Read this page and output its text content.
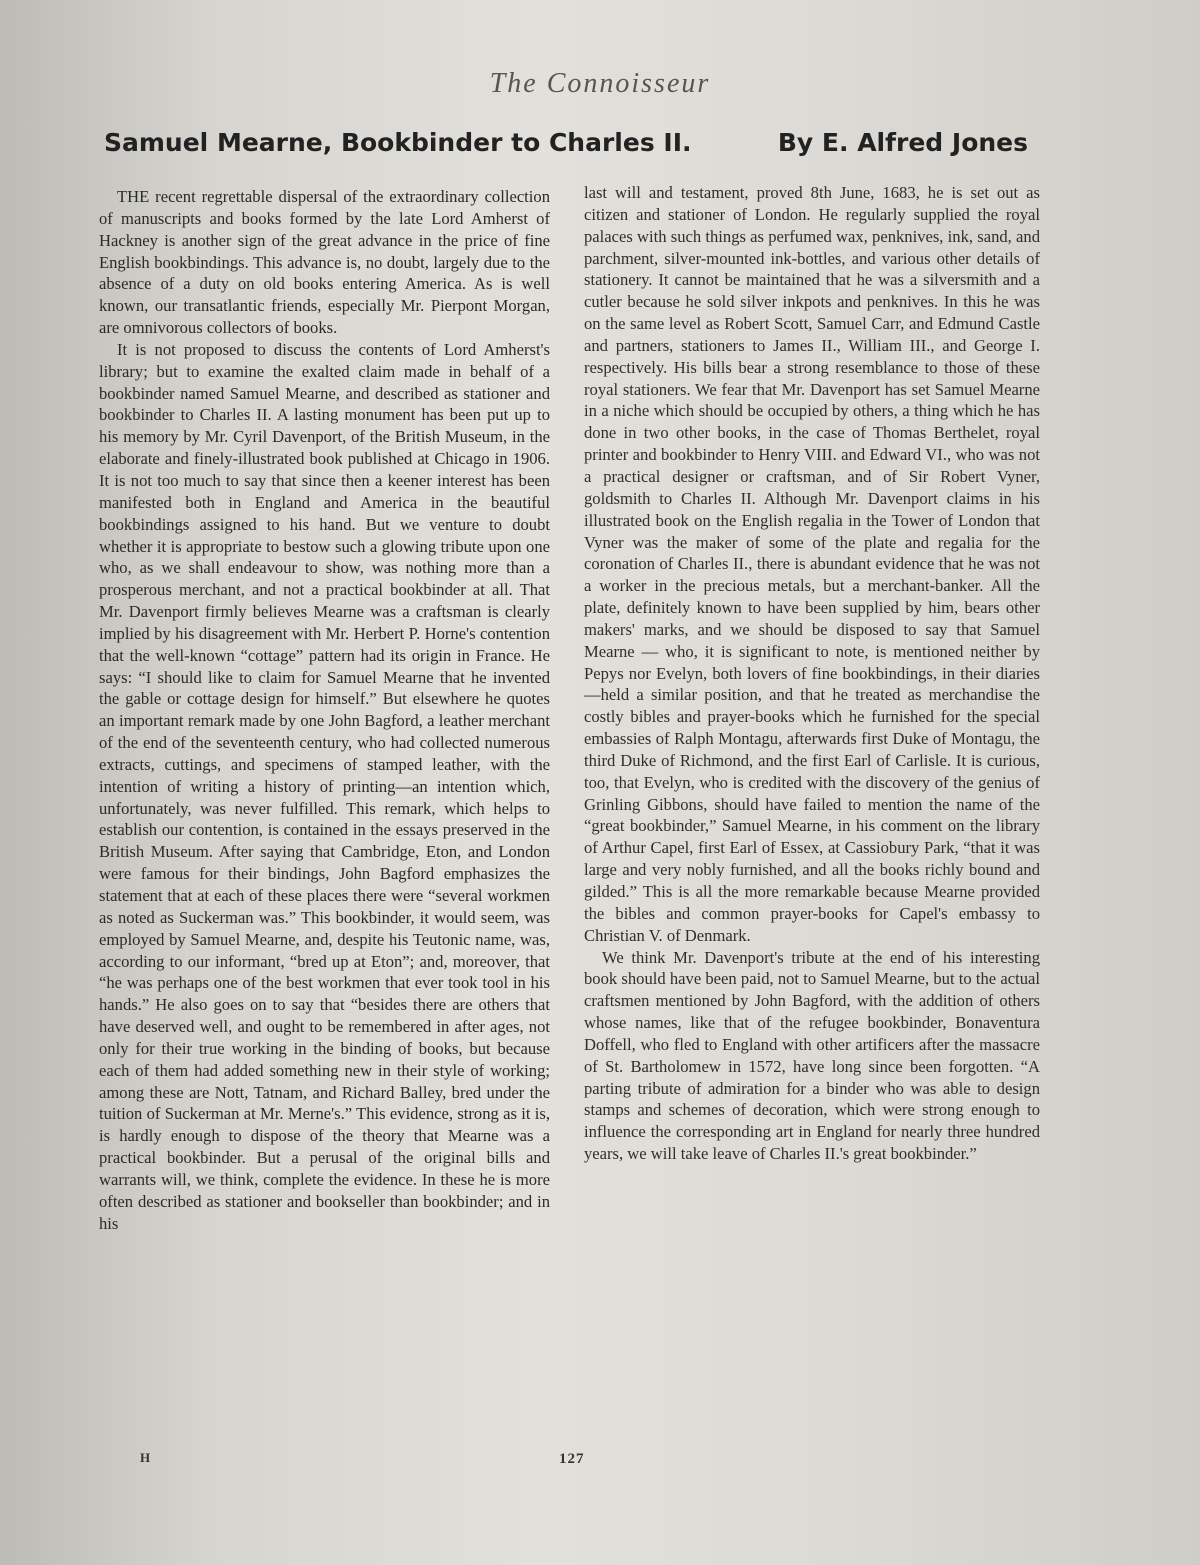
The Connoisseur
Samuel Mearne, Bookbinder to Charles II.	By E. Alfred Jones

THE recent regrettable dispersal of the extraordinary collection of manuscripts and books formed by the late Lord Amherst of Hackney is another sign of the great advance in the price of fine English bookbindings. This advance is, no doubt, largely due to the absence of a duty on old books entering America. As is well known, our transatlantic friends, especially Mr. Pierpont Morgan, are omnivorous collectors of books.

It is not proposed to discuss the contents of Lord Amherst's library; but to examine the exalted claim made in behalf of a bookbinder named Samuel Mearne, and described as stationer and bookbinder to Charles II. A lasting monument has been put up to his memory by Mr. Cyril Davenport, of the British Museum, in the elaborate and finely-illustrated book published at Chicago in 1906. It is not too much to say that since then a keener interest has been manifested both in England and America in the beautiful bookbindings assigned to his hand. But we venture to doubt whether it is appropriate to bestow such a glowing tribute upon one who, as we shall endeavour to show, was nothing more than a prosperous merchant, and not a practical bookbinder at all. That Mr. Davenport firmly believes Mearne was a craftsman is clearly implied by his disagreement with Mr. Herbert P. Horne's contention that the well-known “cottage” pattern had its origin in France. He says: “I should like to claim for Samuel Mearne that he invented the gable or cottage design for himself.” But elsewhere he quotes an important remark made by one John Bagford, a leather merchant of the end of the seventeenth century, who had collected numerous extracts, cuttings, and specimens of stamped leather, with the intention of writing a history of printing—an intention which, unfortunately, was never fulfilled. This remark, which helps to establish our contention, is contained in the essays preserved in the British Museum. After saying that Cambridge, Eton, and London were famous for their bindings, John Bagford emphasizes the statement that at each of these places there were “several workmen as noted as Suckerman was.” This bookbinder, it would seem, was employed by Samuel Mearne, and, despite his Teutonic name, was, according to our informant, “bred up at Eton”; and, moreover, that “he was perhaps one of the best workmen that ever took tool in his hands.” He also goes on to say that “besides there are others that have deserved well, and ought to be remembered in after ages, not only for their true working in the binding of books, but because each of them had added something new in their style of working; among these are Nott, Tatnam, and Richard Balley, bred under the tuition of Suckerman at Mr. Merne's.” This evidence, strong as it is, is hardly enough to dispose of the theory that Mearne was a practical bookbinder. But a perusal of the original bills and warrants will, we think, complete the evidence. In these he is more often described as stationer and bookseller than bookbinder; and in his

last will and testament, proved 8th June, 1683, he is set out as citizen and stationer of London. He regularly supplied the royal palaces with such things as perfumed wax, penknives, ink, sand, and parchment, silver-mounted ink-bottles, and various other details of stationery. It cannot be maintained that he was a silversmith and a cutler because he sold silver inkpots and penknives. In this he was on the same level as Robert Scott, Samuel Carr, and Edmund Castle and partners, stationers to James II., William III., and George I. respectively. His bills bear a strong resemblance to those of these royal stationers. We fear that Mr. Davenport has set Samuel Mearne in a niche which should be occupied by others, a thing which he has done in two other books, in the case of Thomas Berthelet, royal printer and bookbinder to Henry VIII. and Edward VI., who was not a practical designer or craftsman, and of Sir Robert Vyner, goldsmith to Charles II. Although Mr. Davenport claims in his illustrated book on the English regalia in the Tower of London that Vyner was the maker of some of the plate and regalia for the coronation of Charles II., there is abundant evidence that he was not a worker in the precious metals, but a merchant-banker. All the plate, definitely known to have been supplied by him, bears other makers' marks, and we should be disposed to say that Samuel Mearne — who, it is significant to note, is mentioned neither by Pepys nor Evelyn, both lovers of fine bookbindings, in their diaries —held a similar position, and that he treated as merchandise the costly bibles and prayer-books which he furnished for the special embassies of Ralph Montagu, afterwards first Duke of Montagu, the third Duke of Richmond, and the first Earl of Carlisle. It is curious, too, that Evelyn, who is credited with the discovery of the genius of Grinling Gibbons, should have failed to mention the name of the “great bookbinder,” Samuel Mearne, in his comment on the library of Arthur Capel, first Earl of Essex, at Cassiobury Park, “that it was large and very nobly furnished, and all the books richly bound and gilded.” This is all the more remarkable because Mearne provided the bibles and common prayer-books for Capel's embassy to Christian V. of Denmark.

We think Mr. Davenport's tribute at the end of his interesting book should have been paid, not to Samuel Mearne, but to the actual craftsmen mentioned by John Bagford, with the addition of others whose names, like that of the refugee bookbinder, Bonaventura Doffell, who fled to England with other artificers after the massacre of St. Bartholomew in 1572, have long since been forgotten. “A parting tribute of admiration for a binder who was able to design stamps and schemes of decoration, which were strong enough to influence the corresponding art in England for nearly three hundred years, we will take leave of Charles II.'s great bookbinder.”

H	127
